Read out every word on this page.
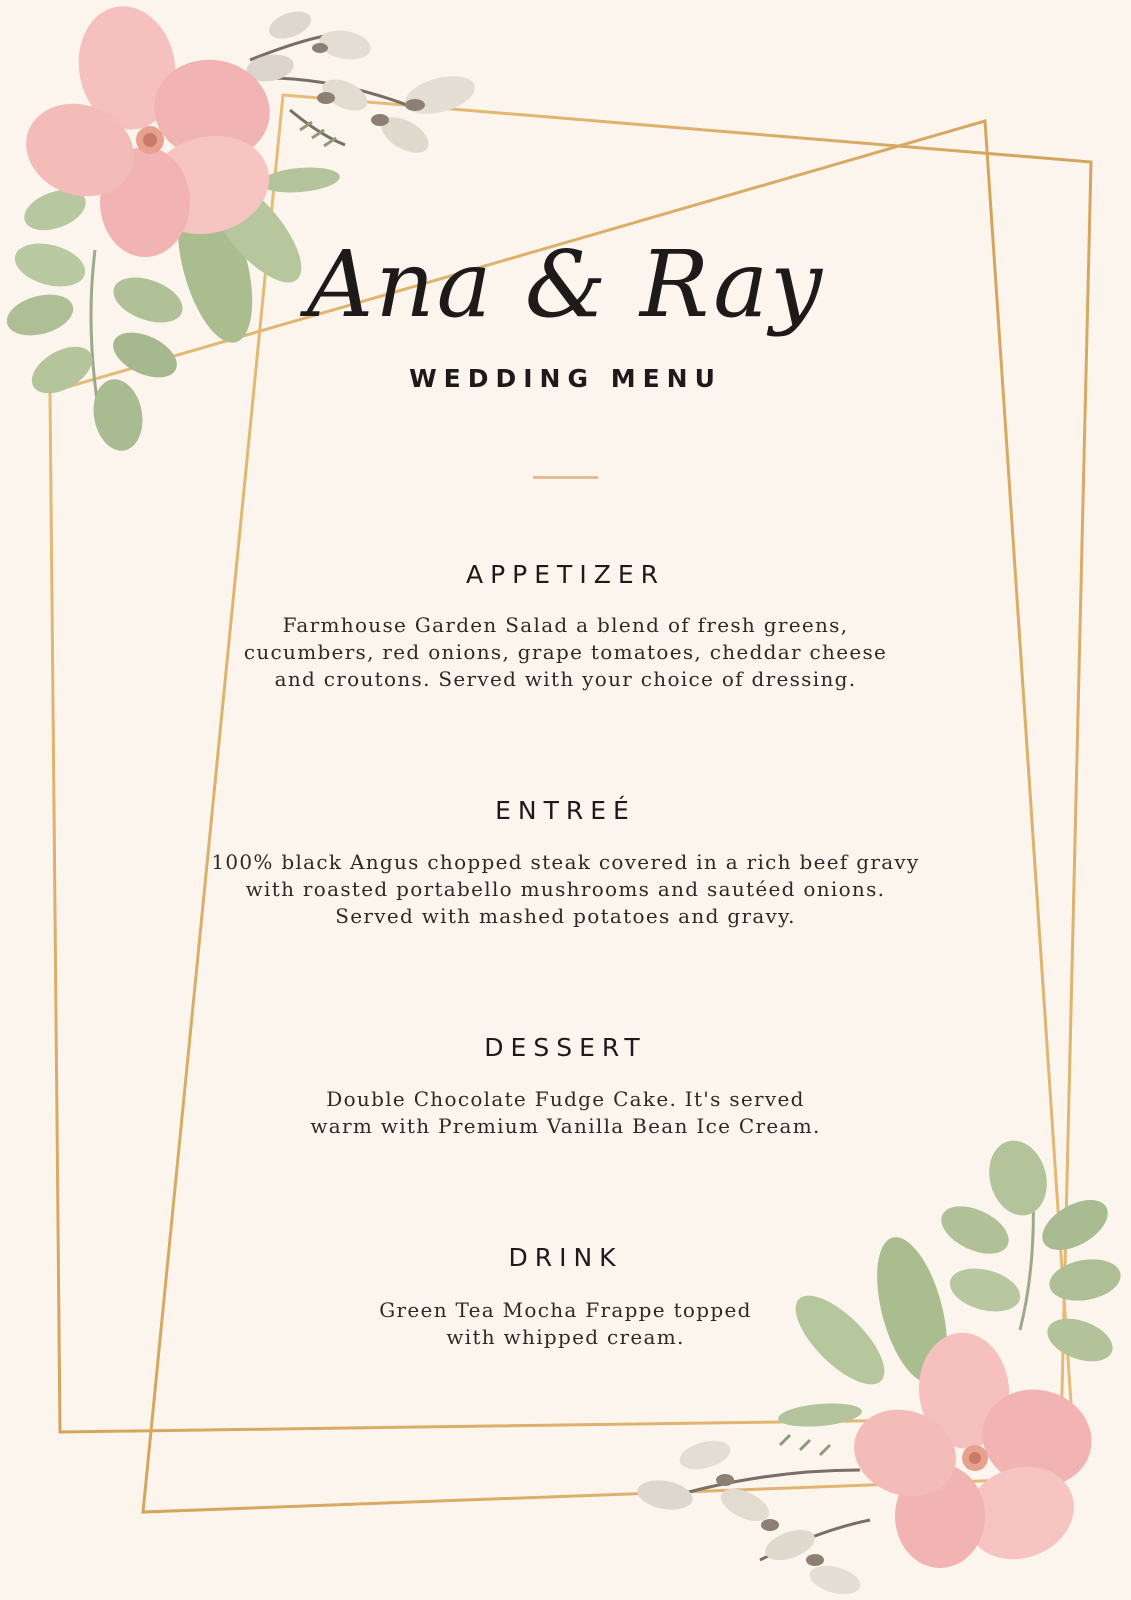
Ana & Ray
WEDDING MENU
APPETIZER
Farmhouse Garden Salad a blend of fresh greens,
cucumbers, red onions, grape tomatoes, cheddar cheese
and croutons. Served with your choice of dressing.
ENTREÉ
100% black Angus chopped steak covered in a rich beef gravy
with roasted portabello mushrooms and sautéed onions.
Served with mashed potatoes and gravy.
DESSERT
Double Chocolate Fudge Cake. It's served
warm with Premium Vanilla Bean Ice Cream.
DRINK
Green Tea Mocha Frappe topped
with whipped cream.
